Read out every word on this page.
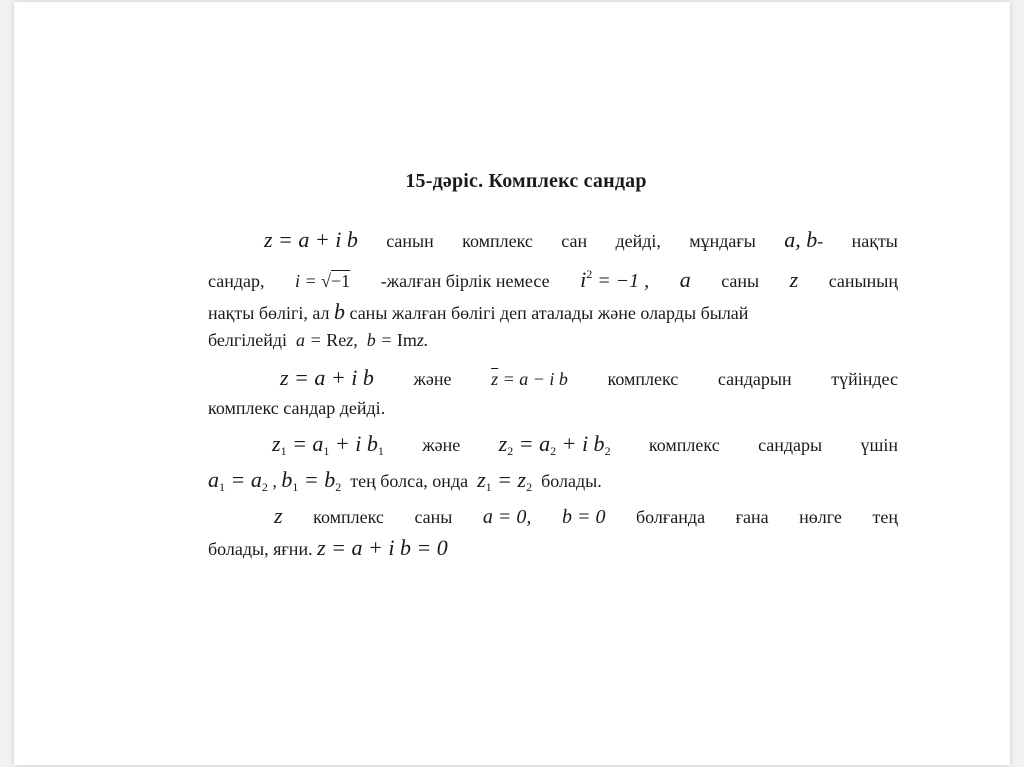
15-дәріс. Комплекс сандар
z = a + i b санын комплекс сан дейді, мұндағы a, b- нақты
сандар, i = √−1 -жалған бірлік немесе $i^2 = -1$ , a саны z санының
нақты бөлігі, ал b саны жалған бөлігі деп аталады және оларды былай
белгілейді a = Rez, b = Imz.
z = a + i b және $\overline{z} = a - i$ b комплекс сандарын түйіндес
комплекс сандар дейді.
$z_1 = a_1 + i$ $b_1$ және $z_2 = a_2 + i$ $b_2$ комплекс сандары үшін
$a_1 = a_2$ , $b_1 = b_2$ тең болса, онда $z_1 = z_2$ болады.
z комплекс саны a = 0, b = 0 болғанда ғана нөлге тең
болады, яғни. z = a + i b = 0
